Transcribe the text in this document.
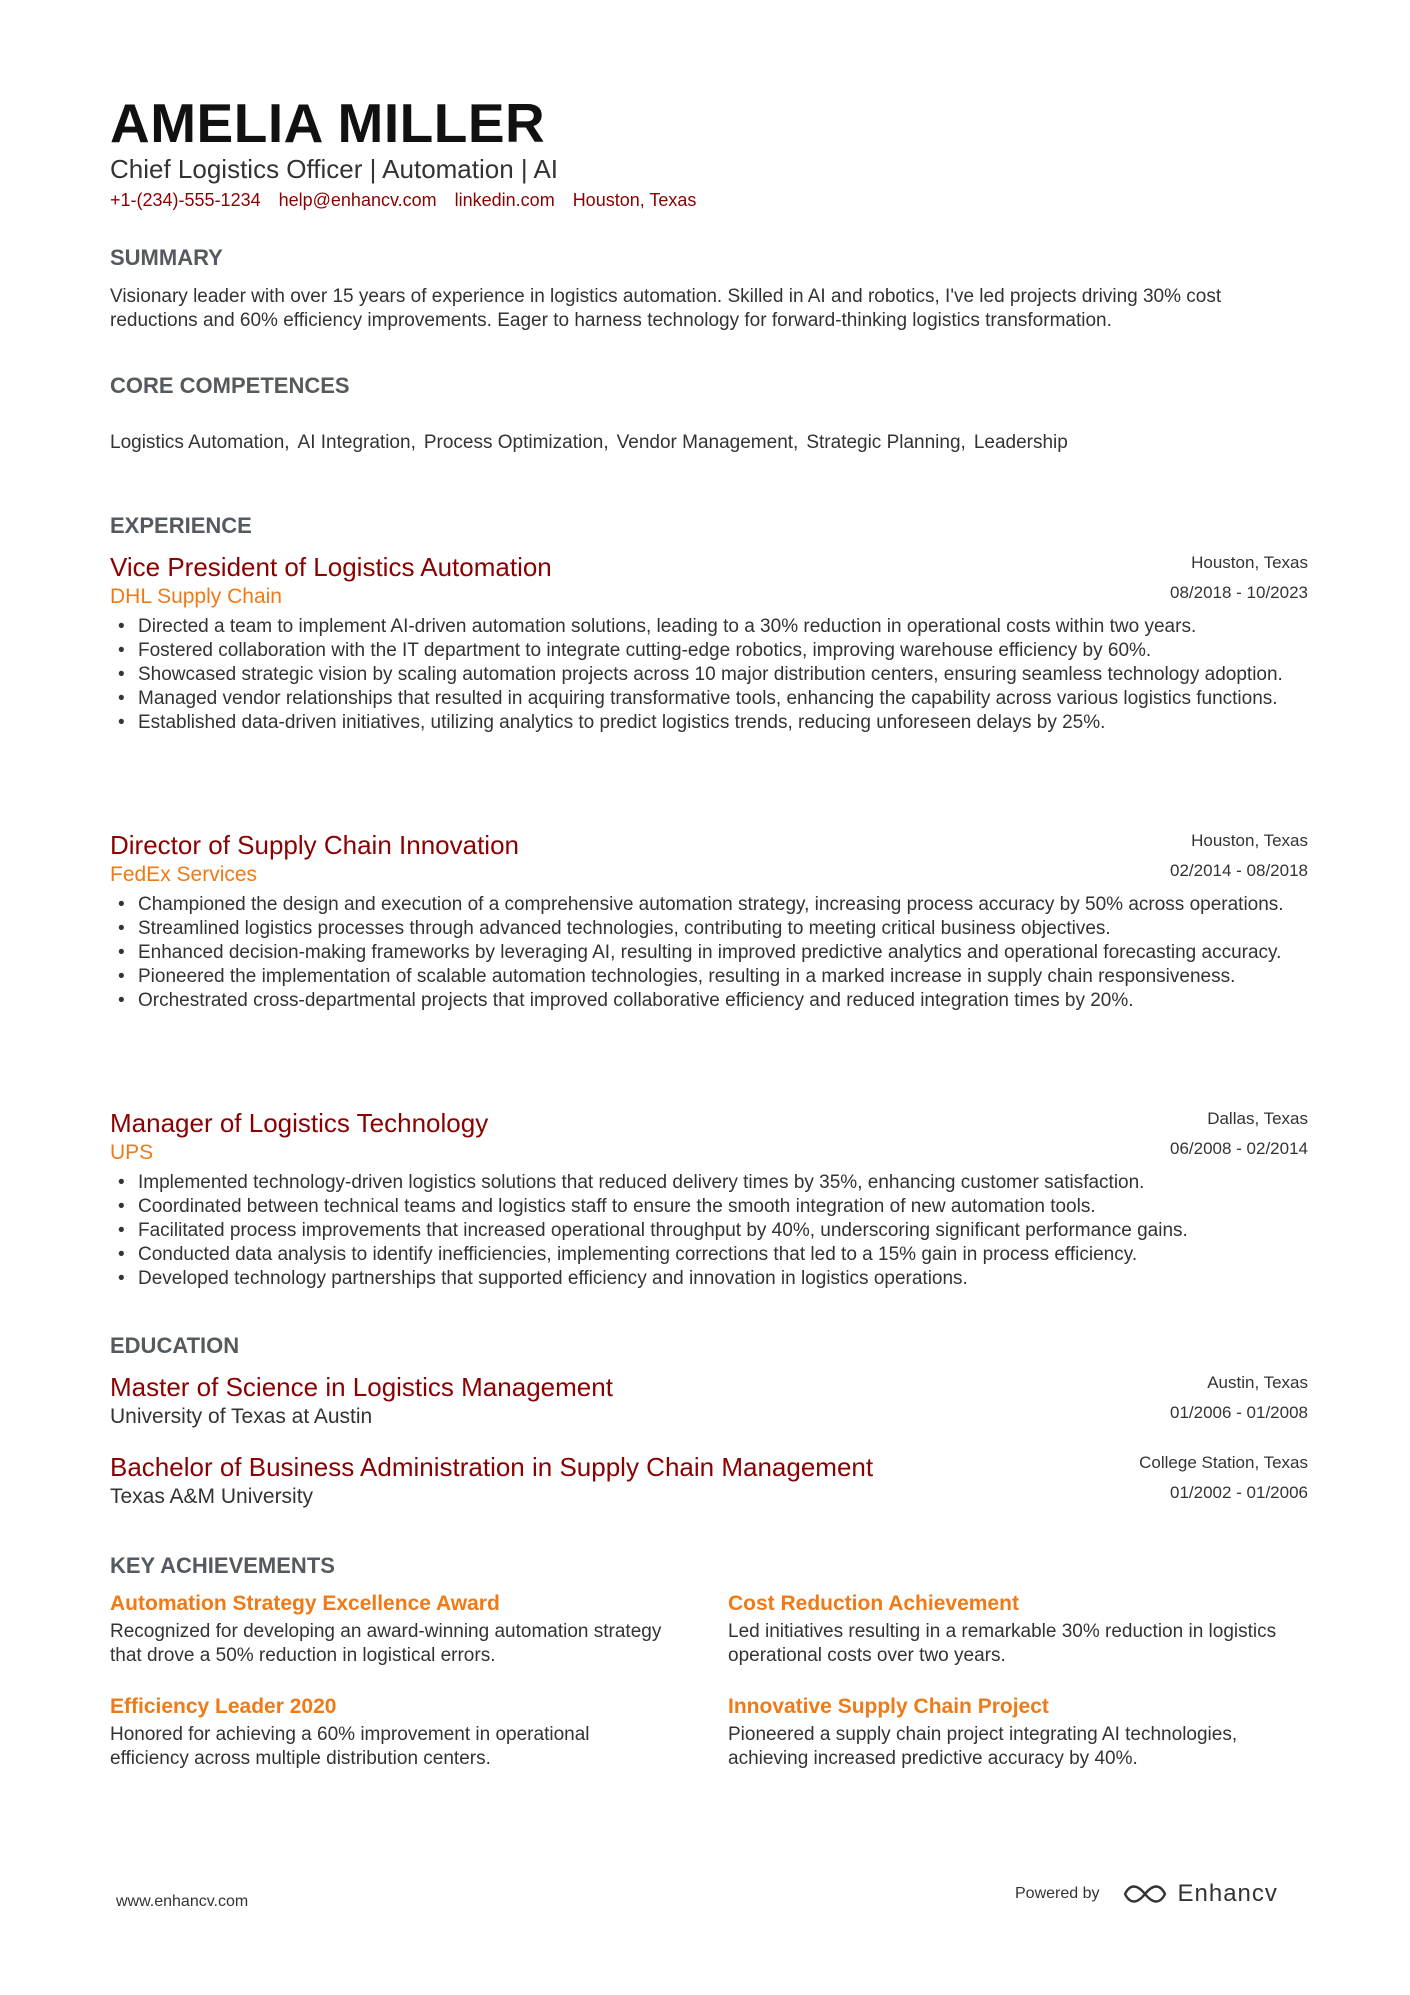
AMELIA MILLER

Chief Logistics Officer | Automation | AI

+1-(234)-555-1234 help@enhancv.com linkedin.com Houston, Texas
SUMMARY

Visionary leader with over 15 years of experience in logistics automation. Skilled in AI and robotics, I've led projects driving 30% cost reductions and 60% efficiency improvements. Eager to harness technology for forward-thinking logistics transformation.

CORE COMPETENCES
Logistics Automation, AI Integration, Process Optimization, Vendor Management, Strategic Planning, Leadership
EXPERIENCE

Vice President of Logistics Automation

DHL Supply Chain

Houston, Texas
08/2018 - 10/2023
• Directed a team to implement AI-driven automation solutions, leading to a 30% reduction in operational costs within two years.
• Fostered collaboration with the IT department to integrate cutting-edge robotics, improving warehouse efficiency by 60%.
• Showcased strategic vision by scaling automation projects across 10 major distribution centers, ensuring seamless technology adoption.
• Managed vendor relationships that resulted in acquiring transformative tools, enhancing the capability across various logistics functions.
• Established data-driven initiatives, utilizing analytics to predict logistics trends, reducing unforeseen delays by 25%.

Director of Supply Chain Innovation

FedEx Services

Houston, Texas
02/2014 - 08/2018
• Championed the design and execution of a comprehensive automation strategy, increasing process accuracy by 50% across operations.
• Streamlined logistics processes through advanced technologies, contributing to meeting critical business objectives.
• Enhanced decision-making frameworks by leveraging AI, resulting in improved predictive analytics and operational forecasting accuracy.
• Pioneered the implementation of scalable automation technologies, resulting in a marked increase in supply chain responsiveness.
• Orchestrated cross-departmental projects that improved collaborative efficiency and reduced integration times by 20%.

Manager of Logistics Technology

UPS

Dallas, Texas
06/2008 - 02/2014
• Implemented technology-driven logistics solutions that reduced delivery times by 35%, enhancing customer satisfaction.
• Coordinated between technical teams and logistics staff to ensure the smooth integration of new automation tools.
• Facilitated process improvements that increased operational throughput by 40%, underscoring significant performance gains.
• Conducted data analysis to identify inefficiencies, implementing corrections that led to a 15% gain in process efficiency.
• Developed technology partnerships that supported efficiency and innovation in logistics operations.
EDUCATION

Master of Science in Logistics Management

University of Texas at Austin

Austin, Texas
01/2006 - 01/2008

Bachelor of Business Administration in Supply Chain Management

Texas A&M University

College Station, Texas
01/2002 - 01/2006
KEY ACHIEVEMENTS

Automation Strategy Excellence Award

Recognized for developing an award-winning automation strategy that drove a 50% reduction in logistical errors.

Cost Reduction Achievement

Led initiatives resulting in a remarkable 30% reduction in logistics operational costs over two years.

Efficiency Leader 2020

Honored for achieving a 60% improvement in operational efficiency across multiple distribution centers.

Innovative Supply Chain Project

Pioneered a supply chain project integrating AI technologies, achieving increased predictive accuracy by 40%.

www.enhancv.com	Powered by	Enhancv
